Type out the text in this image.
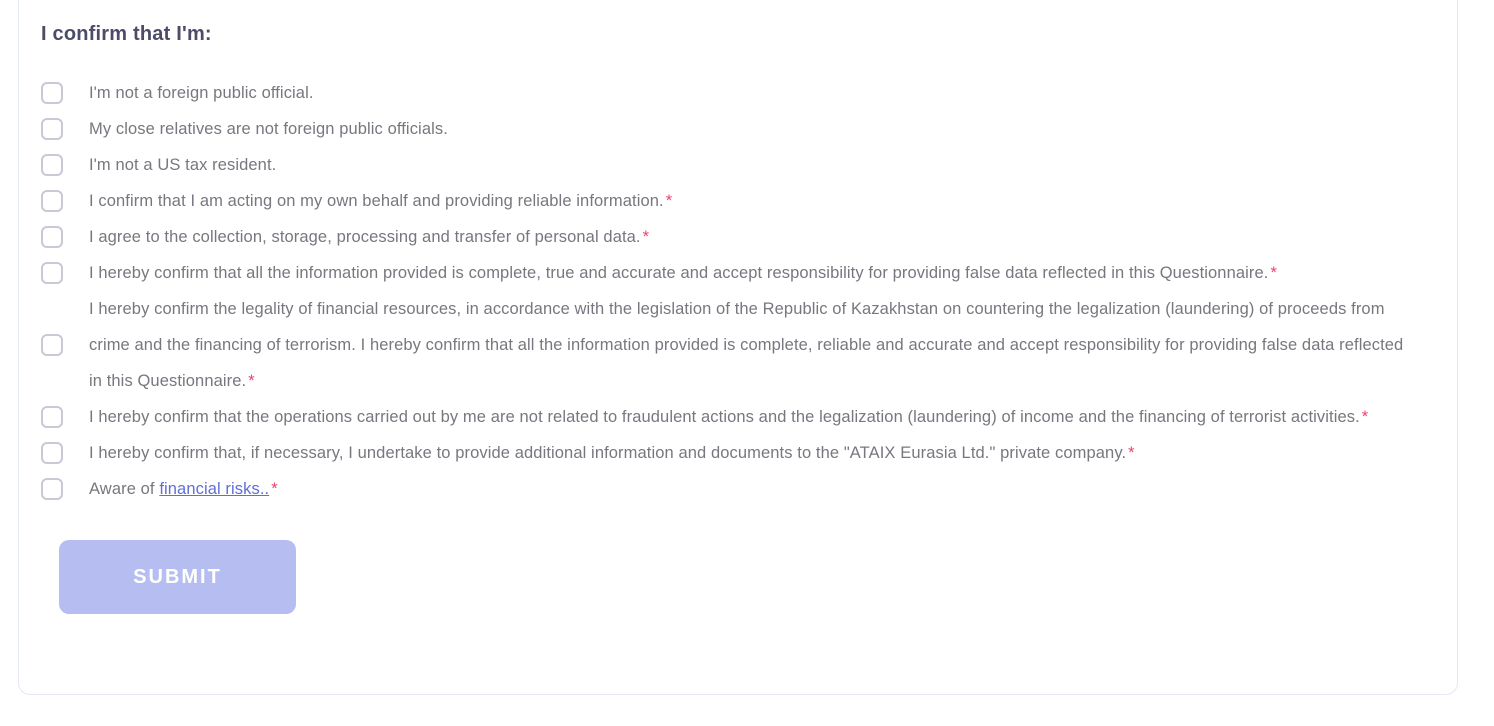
I confirm that I'm:
I'm not a foreign public official.
My close relatives are not foreign public officials.
I'm not a US tax resident.
I confirm that I am acting on my own behalf and providing reliable information. *
I agree to the collection, storage, processing and transfer of personal data. *
I hereby confirm that all the information provided is complete, true and accurate and accept responsibility for providing false data reflected in this Questionnaire. *
I hereby confirm the legality of financial resources, in accordance with the legislation of the Republic of Kazakhstan on countering the legalization (laundering) of proceeds from crime and the financing of terrorism. I hereby confirm that all the information provided is complete, reliable and accurate and accept responsibility for providing false data reflected in this Questionnaire. *
I hereby confirm that the operations carried out by me are not related to fraudulent actions and the legalization (laundering) of income and the financing of terrorist activities. *
I hereby confirm that, if necessary, I undertake to provide additional information and documents to the "ATAIX Eurasia Ltd." private company. *
Aware of financial risks.. *
SUBMIT
